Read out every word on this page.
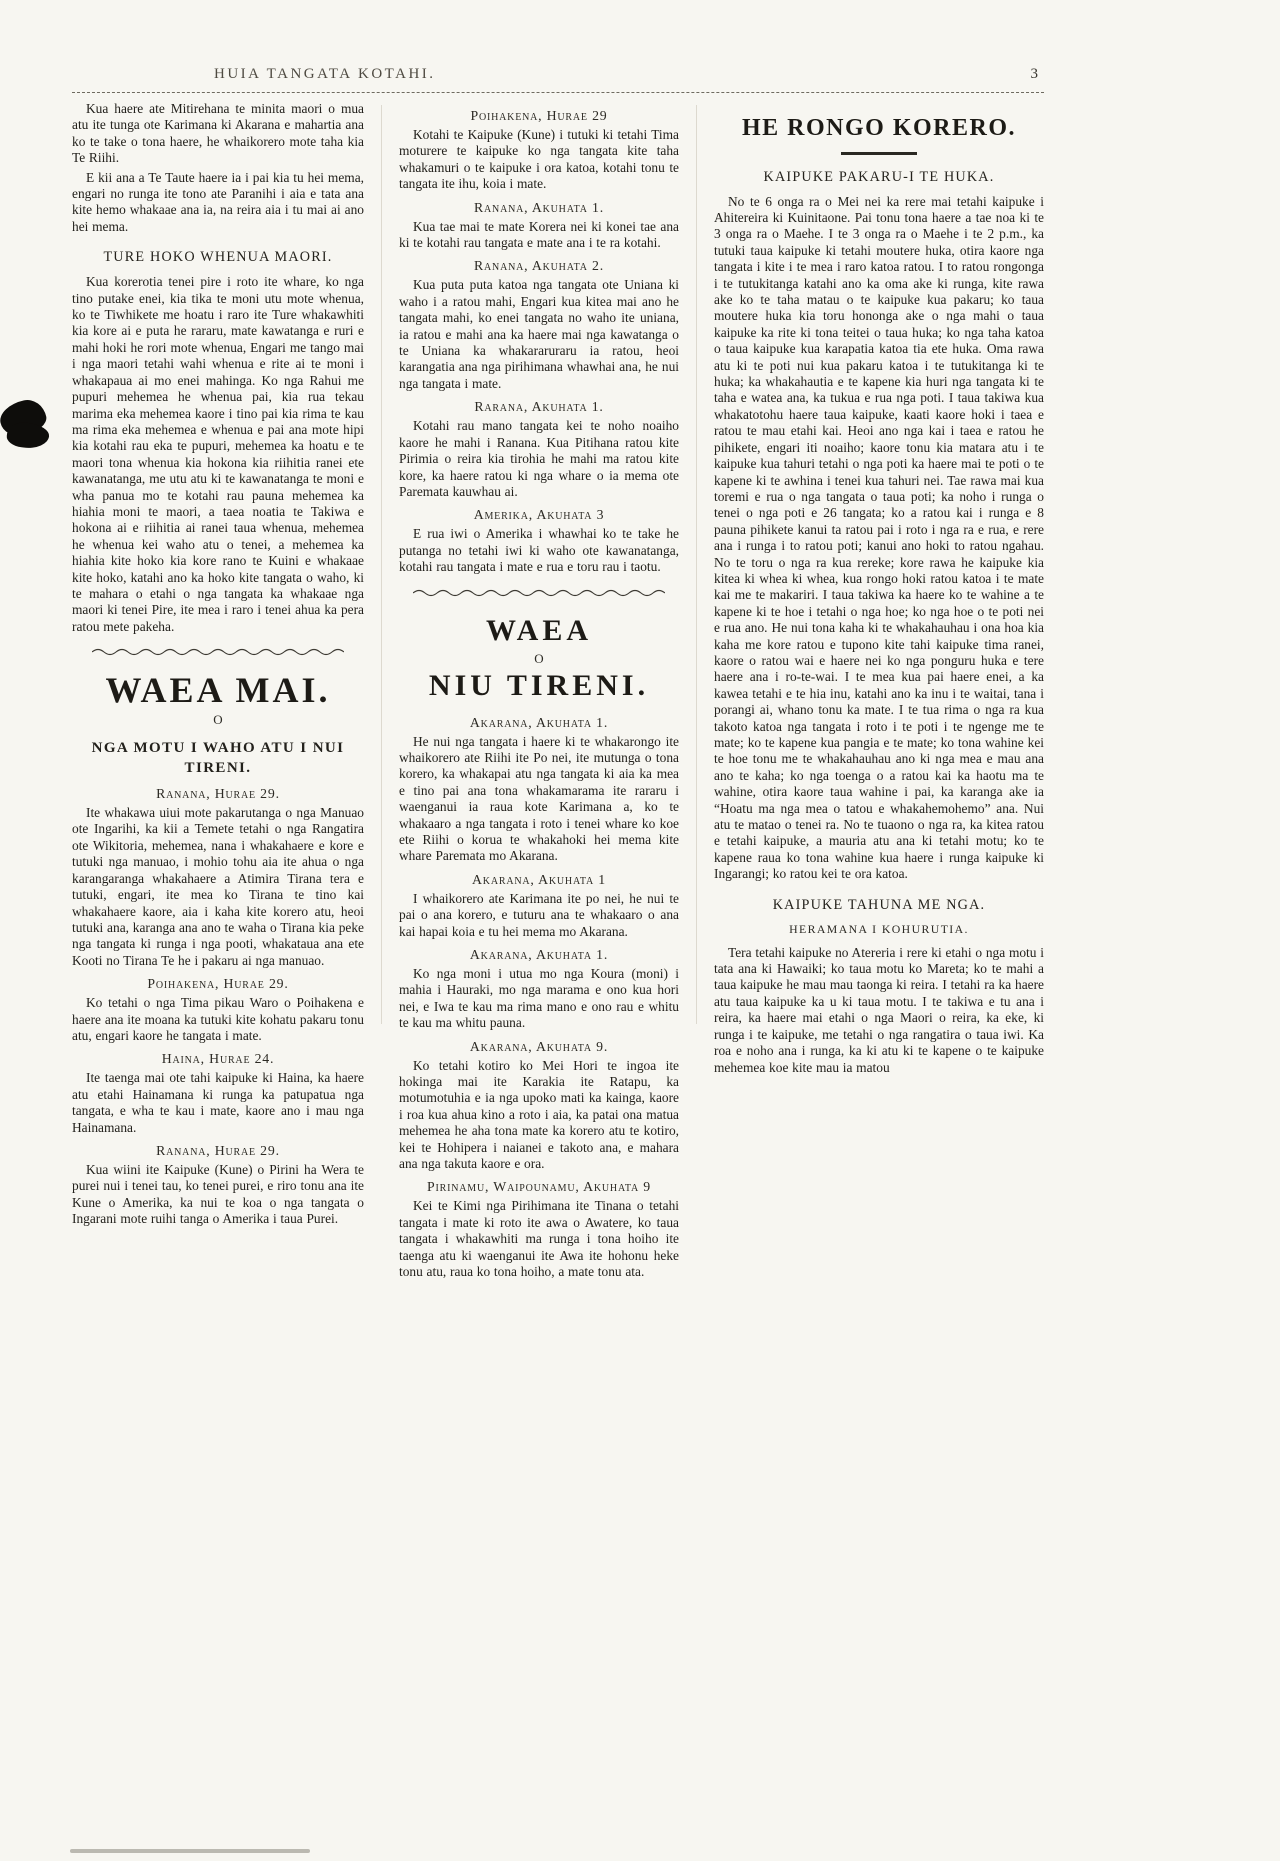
HUIA TANGATA KOTAHI.	3

Kua haere ate Mitirehana te minita maori o mua atu ite tunga ote Karimana ki Akarana e mahartia ana ko te take o tona haere, he whaikorero mote taha kia Te Riihi.

E kii ana a Te Taute haere ia i pai kia tu hei mema, engari no runga ite tono ate Paranihi i aia e tata ana kite hemo whakaae ana ia, na reira aia i tu mai ai ano hei mema.

TURE HOKO WHENUA MAORI.

Kua korerotia tenei pire i roto ite whare, ko nga tino putake enei, kia tika te moni utu mote whenua, ko te Tiwhikete me hoatu i raro ite Ture whakawhiti kia kore ai e puta he rararu, mate kawatanga e ruri e mahi hoki he rori mote whenua, Engari me tango mai i nga maori tetahi wahi whenua e rite ai te moni i whakapaua ai mo enei mahinga. Ko nga Rahui me pupuri mehemea he whenua pai, kia rua tekau marima eka mehemea kaore i tino pai kia rima te kau ma rima eka mehemea e whenua e pai ana mote hipi kia kotahi rau eka te pupuri, mehemea ka hoatu e te maori tona whenua kia hokona kia riihitia ranei ete kawanatanga, me utu atu ki te kawanatanga te moni e wha panua mo te kotahi rau pauna mehemea ka hiahia moni te maori, a taea noatia te Takiwa e hokona ai e riihitia ai ranei taua whenua, mehemea he whenua kei waho atu o tenei, a mehemea ka hiahia kite hoko kia kore rano te Kuini e whakaae kite hoko, katahi ano ka hoko kite tangata o waho, ki te mahara o etahi o nga tangata ka whakaae nga maori ki tenei Pire, ite mea i raro i tenei ahua ka pera ratou mete pakeha.

WAEA MAI.
O
NGA MOTU I WAHO ATU I NUI TIRENI.
Ranana, Hurae 29.

Ite whakawa uiui mote pakarutanga o nga Manuao ote Ingarihi, ka kii a Temete tetahi o nga Rangatira ote Wikitoria, mehemea, nana i whakahaere e kore e tutuki nga manuao, i mohio tohu aia ite ahua o nga karangaranga whakahaere a Atimira Tirana tera e tutuki, engari, ite mea ko Tirana te tino kai whakahaere kaore, aia i kaha kite korero atu, heoi tutuki ana, karanga ana ano te waha o Tirana kia peke nga tangata ki runga i nga pooti, whakataua ana ete Kooti no Tirana Te he i pakaru ai nga manuao.

Poihakena, Hurae 29.

Ko tetahi o nga Tima pikau Waro o Poihakena e haere ana ite moana ka tutuki kite kohatu pakaru tonu atu, engari kaore he tangata i mate.

Haina, Hurae 24.

Ite taenga mai ote tahi kaipuke ki Haina, ka haere atu etahi Hainamana ki runga ka patupatua nga tangata, e wha te kau i mate, kaore ano i mau nga Hainamana.

Ranana, Hurae 29.

Kua wiini ite Kaipuke (Kune) o Pirini ha Wera te purei nui i tenei tau, ko tenei purei, e riro tonu ana ite Kune o Amerika, ka nui te koa o nga tangata o Ingarani mote ruihi tanga o Amerika i taua Purei.

Poihakena, Hurae 29

Kotahi te Kaipuke (Kune) i tutuki ki tetahi Tima moturere te kaipuke ko nga tangata kite taha whakamuri o te kaipuke i ora katoa, kotahi tonu te tangata ite ihu, koia i mate.

Ranana, Akuhata 1.

Kua tae mai te mate Korera nei ki konei tae ana ki te kotahi rau tangata e mate ana i te ra kotahi.

Ranana, Akuhata 2.

Kua puta puta katoa nga tangata ote Uniana ki waho i a ratou mahi, Engari kua kitea mai ano he tangata mahi, ko enei tangata no waho ite uniana, ia ratou e mahi ana ka haere mai nga kawatanga o te Uniana ka whakararuraru ia ratou, heoi karangatia ana nga pirihimana whawhai ana, he nui nga tangata i mate.

Rarana, Akuhata 1.

Kotahi rau mano tangata kei te noho noaiho kaore he mahi i Ranana. Kua Pitihana ratou kite Pirimia o reira kia tirohia he mahi ma ratou kite kore, ka haere ratou ki nga whare o ia mema ote Paremata kauwhau ai.

Amerika, Akuhata 3

E rua iwi o Amerika i whawhai ko te take he putanga no tetahi iwi ki waho ote kawanatanga, kotahi rau tangata i mate e rua e toru rau i taotu.

WAEA
O
NIU TIRENI.
Akarana, Akuhata 1.

He nui nga tangata i haere ki te whakarongo ite whaikorero ate Riihi ite Po nei, ite mutunga o tona korero, ka whakapai atu nga tangata ki aia ka mea e tino pai ana tona whakamarama ite rararu i waenganui ia raua kote Karimana a, ko te whakaaro a nga tangata i roto i tenei whare ko koe ete Riihi o korua te whakahoki hei mema kite whare Paremata mo Akarana.

Akarana, Akuhata 1

I whaikorero ate Karimana ite po nei, he nui te pai o ana korero, e tuturu ana te whakaaro o ana kai hapai koia e tu hei mema mo Akarana.

Akarana, Akuhata 1.

Ko nga moni i utua mo nga Koura (moni) i mahia i Hauraki, mo nga marama e ono kua hori nei, e Iwa te kau ma rima mano e ono rau e whitu te kau ma whitu pauna.

Akarana, Akuhata 9.

Ko tetahi kotiro ko Mei Hori te ingoa ite hokinga mai ite Karakia ite Ratapu, ka motumotuhia e ia nga upoko mati ka kainga, kaore i roa kua ahua kino a roto i aia, ka patai ona matua mehemea he aha tona mate ka korero atu te kotiro, kei te Hohipera i naianei e takoto ana, e mahara ana nga takuta kaore e ora.

Pirinamu, Waipounamu, Akuhata 9

Kei te Kimi nga Pirihimana ite Tinana o tetahi tangata i mate ki roto ite awa o Awatere, ko taua tangata i whakawhiti ma runga i tona hoiho ite taenga atu ki waenganui ite Awa ite hohonu heke tonu atu, raua ko tona hoiho, a mate tonu ata.

HE RONGO KORERO.
KAIPUKE PAKARU-I TE HUKA.

No te 6 onga ra o Mei nei ka rere mai tetahi kaipuke i Ahitereira ki Kuinitaone. Pai tonu tona haere a tae noa ki te 3 onga ra o Maehe. I te 3 onga ra o Maehe i te 2 p.m., ka tutuki taua kaipuke ki tetahi moutere huka, otira kaore nga tangata i kite i te mea i raro katoa ratou. I to ratou rongonga i te tutukitanga katahi ano ka oma ake ki runga, kite rawa ake ko te taha matau o te kaipuke kua pakaru; ko taua moutere huka kia toru hononga ake o nga mahi o taua kaipuke ka rite ki tona teitei o taua huka; ko nga taha katoa o taua kaipuke kua karapatia katoa tia ete huka. Oma rawa atu ki te poti nui kua pakaru katoa i te tutukitanga ki te huka; ka whakahautia e te kapene kia huri nga tangata ki te taha e watea ana, ka tukua e rua nga poti. I taua takiwa kua whakatotohu haere taua kaipuke, kaati kaore hoki i taea e ratou te mau etahi kai. Heoi ano nga kai i taea e ratou he pihikete, engari iti noaiho; kaore tonu kia matara atu i te kaipuke kua tahuri tetahi o nga poti ka haere mai te poti o te kapene ki te awhina i tenei kua tahuri nei. Tae rawa mai kua toremi e rua o nga tangata o taua poti; ka noho i runga o tenei o nga poti e 26 tangata; ko a ratou kai i runga e 8 pauna pihikete kanui ta ratou pai i roto i nga ra e rua, e rere ana i runga i to ratou poti; kanui ano hoki to ratou ngahau. No te toru o nga ra kua rereke; kore rawa he kaipuke kia kitea ki whea ki whea, kua rongo hoki ratou katoa i te mate kai me te makariri. I taua takiwa ka haere ko te wahine a te kapene ki te hoe i tetahi o nga hoe; ko nga hoe o te poti nei e rua ano. He nui tona kaha ki te whakahauhau i ona hoa kia kaha me kore ratou e tupono kite tahi kaipuke tima ranei, kaore o ratou wai e haere nei ko nga ponguru huka e tere haere ana i ro-te-wai. I te mea kua pai haere enei, a ka kawea tetahi e te hia inu, katahi ano ka inu i te waitai, tana i porangi ai, whano tonu ka mate. I te tua rima o nga ra kua takoto katoa nga tangata i roto i te poti i te ngenge me te mate; ko te kapene kua pangia e te mate; ko tona wahine kei te hoe tonu me te whakahauhau ano ki nga mea e mau ana ano te kaha; ko nga toenga o a ratou kai ka haotu ma te wahine, otira kaore taua wahine i pai, ka karanga ake ia “Hoatu ma nga mea o tatou e whakahemohemo” ana. Nui atu te matao o tenei ra. No te tuaono o nga ra, ka kitea ratou e tetahi kaipuke, a mauria atu ana ki tetahi motu; ko te kapene raua ko tona wahine kua haere i runga kaipuke ki Ingarangi; ko ratou kei te ora katoa.

KAIPUKE TAHUNA ME NGA.
HERAMANA I KOHURUTIA.

Tera tetahi kaipuke no Atereria i rere ki etahi o nga motu i tata ana ki Hawaiki; ko taua motu ko Mareta; ko te mahi a taua kaipuke he mau mau taonga ki reira. I tetahi ra ka haere atu taua kaipuke ka u ki taua motu. I te takiwa e tu ana i reira, ka haere mai etahi o nga Maori o reira, ka eke, ki runga i te kaipuke, me tetahi o nga rangatira o taua iwi. Ka roa e noho ana i runga, ka ki atu ki te kapene o te kaipuke mehemea koe kite mau ia matou
